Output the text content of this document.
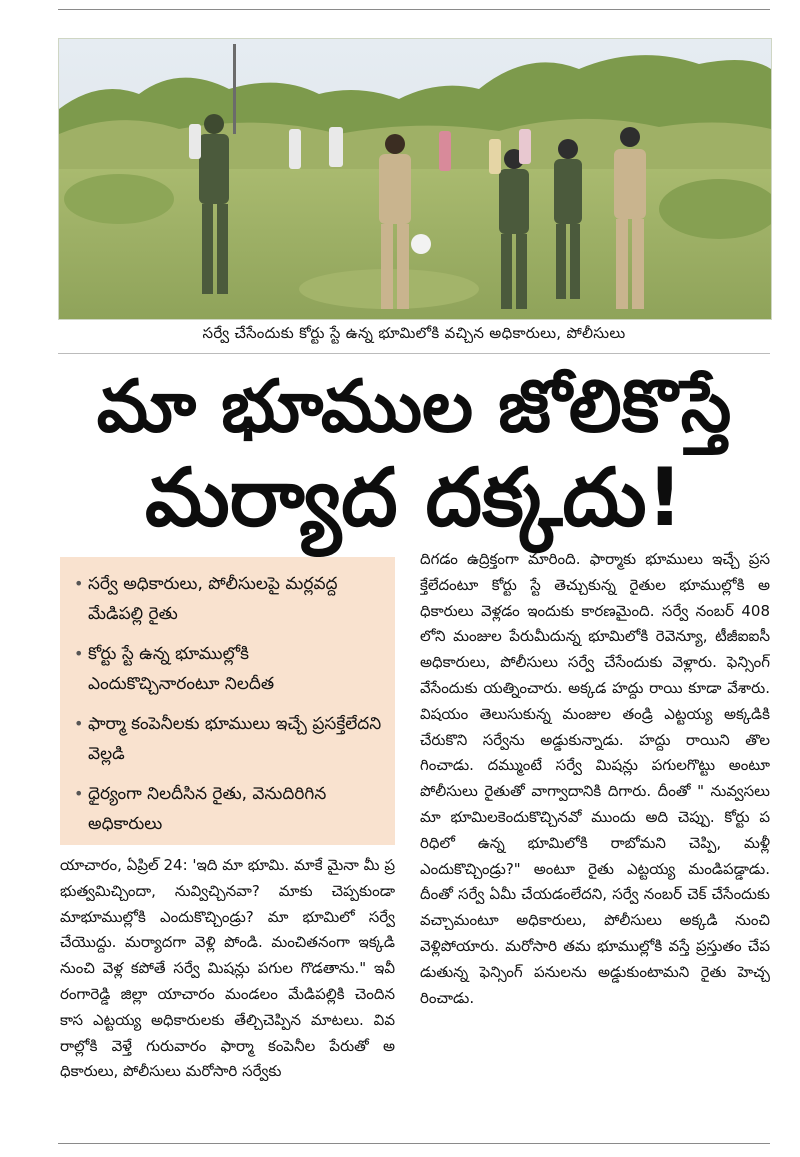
సర్వే చేసేందుకు కోర్టు స్టే ఉన్న భూమిలోకి వచ్చిన అధికారులు, పోలీసులు
మా భూముల జోలికొస్తే
మర్యాద దక్కదు!
• సర్వే అధికారులు, పోలీసులపై మర్లవద్ద మేడిపల్లి రైతు
• కోర్టు స్టే ఉన్న భూముల్లోకి ఎందుకొచ్చినారంటూ నిలదీత
• ఫార్మా కంపెనీలకు భూములు ఇచ్చే ప్రసక్తేలేదని వెల్లడి
• ధైర్యంగా నిలదీసిన రైతు, వెనుదిరిగిన అధికారులు
యాచారం, ఏప్రిల్ 24: 'ఇది మా భూమి. మాకే మైనా మీ ప్రభుత్వమిచ్చిందా, నువ్విచ్చినవా? మాకు చెప్పకుండా మాభూముల్లోకి ఎందుకొచ్చిండ్రు? మా భూమిలో సర్వే చేయొద్దు. మర్యాదగా వెళ్లి పోండి. మంచితనంగా ఇక్కడి నుంచి వెళ్ల కపోతే సర్వే మిషన్లు పగుల గొడతాను." ఇవీ రంగారెడ్డి జిల్లా యాచారం మండలం మేడిపల్లికి చెందిన కాస ఎట్టయ్య అధికారులకు తేల్చిచెప్పిన మాటలు. వివరాల్లోకి వెళ్తే గురువారం ఫార్మా కంపెనీల పేరుతో అధికారులు, పోలీసులు మరోసారి సర్వేకు
దిగడం ఉద్రిక్తంగా మారింది. ఫార్మాకు భూములు ఇచ్చే ప్రసక్తేలేదంటూ కోర్టు స్టే తెచ్చుకున్న రైతుల భూముల్లోకి అధికారులు వెళ్లడం ఇందుకు కారణమైంది. సర్వే నంబర్ 408లోని మంజుల పేరుమీదున్న భూమిలోకి రెవెన్యూ, టీజీఐఐసీ అధికారులు, పోలీసులు సర్వే చేసేందుకు వెళ్లారు. ఫెన్సింగ్ వేసేందుకు యత్నించారు. అక్కడ హద్దు రాయి కూడా వేశారు. విషయం తెలుసుకున్న మంజుల తండ్రి ఎట్టయ్య అక్కడికి చేరుకొని సర్వేను అడ్డుకున్నాడు. హద్దు రాయిని తొలగించాడు. దమ్ముంటే సర్వే మిషన్లు పగులగొట్టు అంటూ పోలీసులు రైతుతో వాగ్వాదానికి దిగారు. దీంతో " నువ్వసలు మా భూమిలకెందుకొచ్చినవో ముందు అది చెప్పు. కోర్టు పరిధిలో ఉన్న భూమిలోకి రాబోమని చెప్పి, మళ్లీ ఎందుకొచ్చిండ్రు?" అంటూ రైతు ఎట్టయ్య మండిపడ్డాడు. దీంతో సర్వే ఏమీ చేయడంలేదని, సర్వే నంబర్ చెక్ చేసేందుకు వచ్చామంటూ అధికారులు, పోలీసులు అక్కడి నుంచి వెళ్లిపోయారు. మరోసారి తమ భూముల్లోకి వస్తే ప్రస్తుతం చేపడుతున్న ఫెన్సింగ్ పనులను అడ్డుకుంటామని రైతు హెచ్చరించాడు.
